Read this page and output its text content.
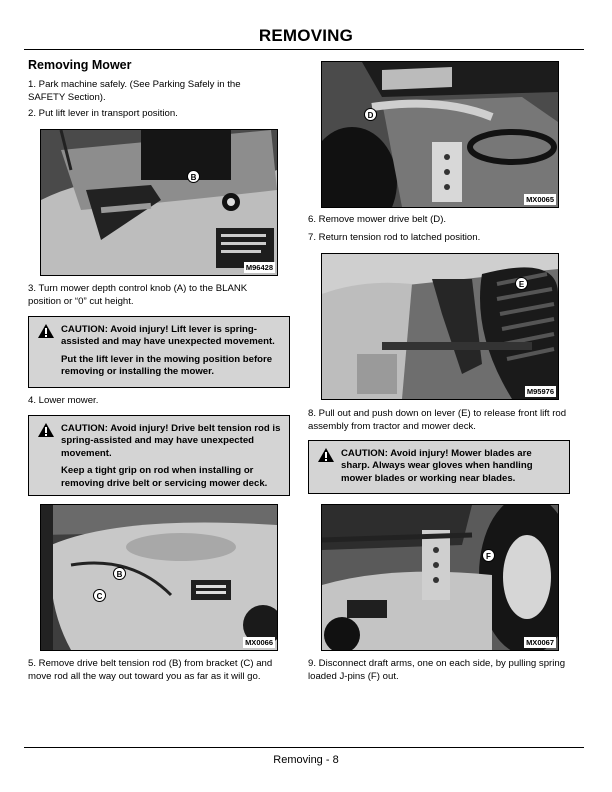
REMOVING
Removing Mower
1. Park machine safely. (See Parking Safely in the SAFETY Section).
2. Put lift lever in transport position.
B
M96428
3. Turn mower depth control knob (A) to the BLANK position or “0” cut height.

CAUTION: Avoid injury! Lift lever is spring-assisted and may have unexpected movement.

Put the lift lever in the mowing position before removing or installing the mower.

4. Lower mower.

CAUTION: Avoid injury! Drive belt tension rod is spring-assisted and may have unexpected movement.

Keep a tight grip on rod when installing or removing drive belt or servicing mower deck.

B
C
MX0066
5. Remove drive belt tension rod (B) from bracket (C) and move rod all the way out toward you as far as it will go.
D
MX0065
6. Remove mower drive belt (D).
7. Return tension rod to latched position.
E
M95976
8. Pull out and push down on lever (E) to release front lift rod assembly from tractor and mower deck.

CAUTION: Avoid injury! Mower blades are sharp. Always wear gloves when handling mower blades or working near blades.

F
MX0067
9. Disconnect draft arms, one on each side, by pulling spring loaded J-pins (F) out.
Removing - 8
